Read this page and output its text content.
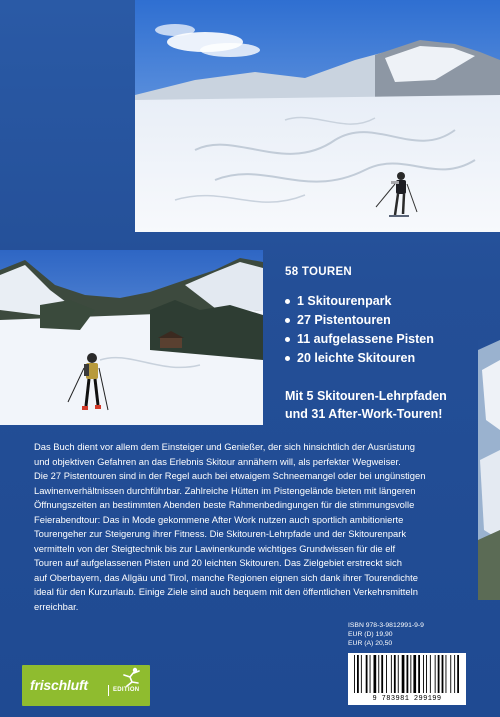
58 TOUREN
1 Skitourenpark
27 Pistentouren
11 aufgelassene Pisten
20 leichte Skitouren
Mit 5 Skitouren-Lehrpfaden
und 31 After-Work-Touren!
Das Buch dient vor allem dem Einsteiger und Genießer, der sich hinsichtlich der Ausrüstung
und objektiven Gefahren an das Erlebnis Skitour annähern will, als perfekter Wegweiser.
Die 27 Pistentouren sind in der Regel auch bei etwaigem Schneemangel oder bei ungünstigen
Lawinenverhältnissen durchführbar. Zahlreiche Hütten im Pistengelände bieten mit längeren
Öffnungszeiten an bestimmten Abenden beste Rahmenbedingungen für die stimmungsvolle
Feierabendtour: Das in Mode gekommene After Work nutzen auch sportlich ambitionierte
Tourengeher zur Steigerung ihrer Fitness. Die Skitouren-Lehrpfade und der Skitourenpark
vermitteln von der Steigtechnik bis zur Lawinenkunde wichtiges Grundwissen für die elf
Touren auf aufgelassenen Pisten und 20 leichten Skitouren. Das Zielgebiet erstreckt sich
auf Oberbayern, das Allgäu und Tirol, manche Regionen eignen sich dank ihrer Tourendichte
ideal für den Kurzurlaub. Einige Ziele sind auch bequem mit den öffentlichen Verkehrsmitteln
erreichbar.
frischluft	EDITION
ISBN 978-3-9812991-9-9
EUR (D) 19,90
EUR (A) 20,50
9 783981 299199
